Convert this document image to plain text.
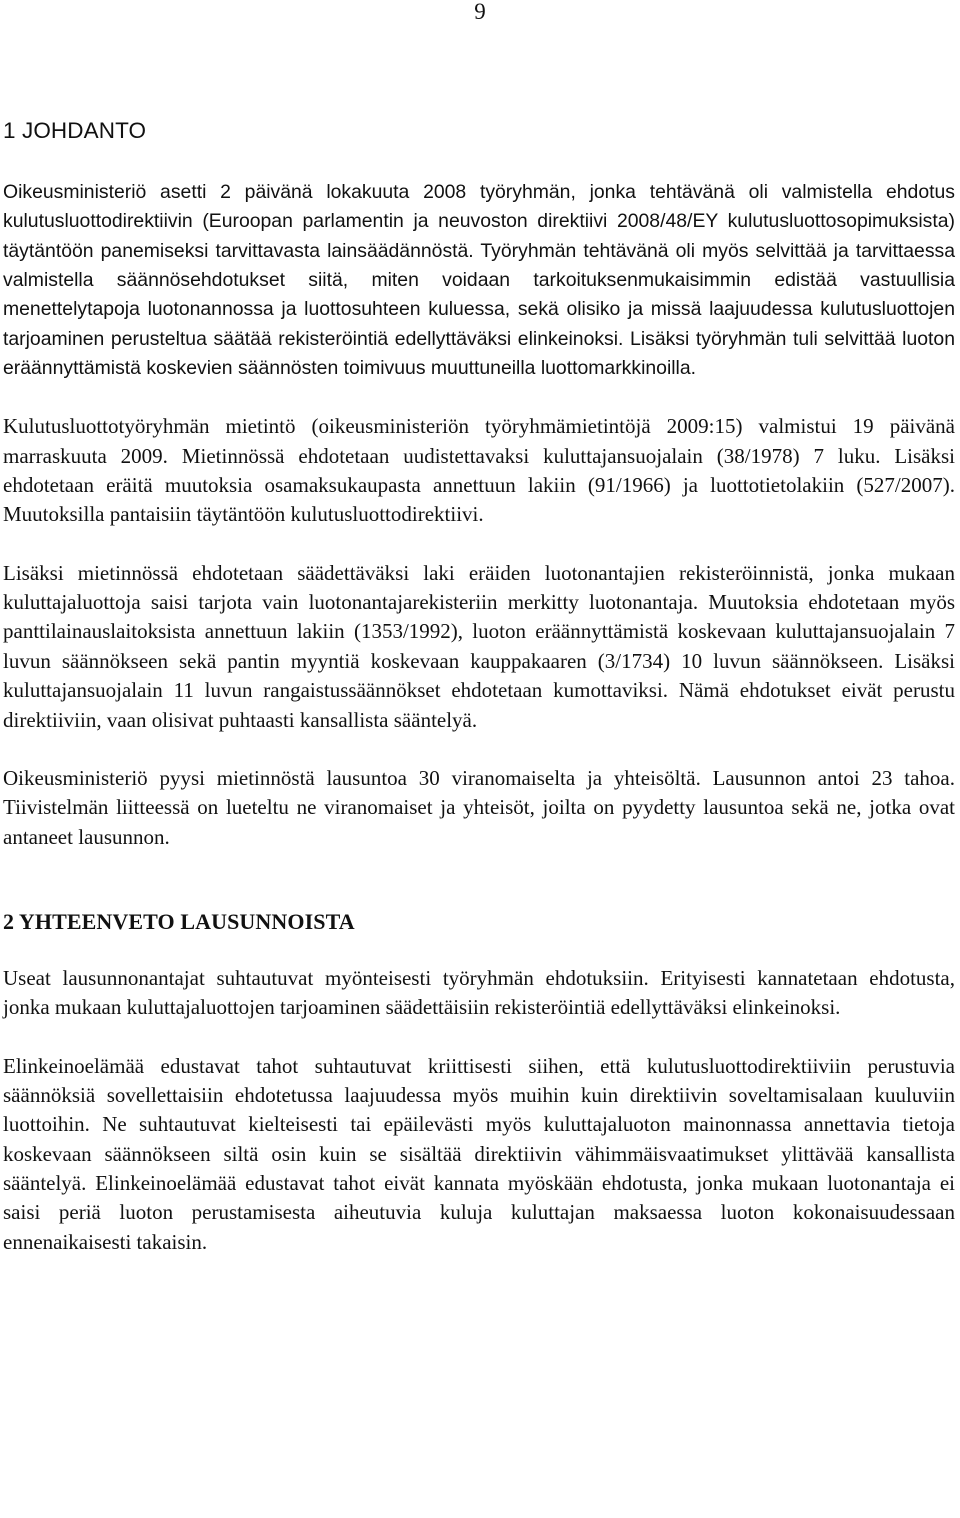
9
1 JOHDANTO

Oikeusministeriö asetti 2 päivänä lokakuuta 2008 työryhmän, jonka tehtävänä oli valmistella ehdotus kulutusluottodirektiivin (Euroopan parlamentin ja neuvoston direktiivi 2008/48/EY kulutusluottosopimuksista) täytäntöön panemiseksi tarvittavasta lainsäädännöstä. Työryhmän tehtävänä oli myös selvittää ja tarvittaessa valmistella säännösehdotukset siitä, miten voidaan tarkoituksenmukaisimmin edistää vastuullisia menettelytapoja luotonannossa ja luottosuhteen kuluessa, sekä olisiko ja missä laajuudessa kulutusluottojen tarjoaminen perusteltua säätää rekisteröintiä edellyttäväksi elinkeinoksi. Lisäksi työryhmän tuli selvittää luoton eräännyttämistä koskevien säännösten toimivuus muuttuneilla luottomarkkinoilla.

Kulutusluottotyöryhmän mietintö (oikeusministeriön työryhmämietintöjä 2009:15) valmistui 19 päivänä marraskuuta 2009. Mietinnössä ehdotetaan uudistettavaksi kuluttajansuojalain (38/1978) 7 luku. Lisäksi ehdotetaan eräitä muutoksia osamaksukaupasta annettuun lakiin (91/1966) ja luottotietolakiin (527/2007). Muutoksilla pantaisiin täytäntöön kulutusluottodirektiivi.

Lisäksi mietinnössä ehdotetaan säädettäväksi laki eräiden luotonantajien rekisteröinnistä, jonka mukaan kuluttajaluottoja saisi tarjota vain luotonantajarekisteriin merkitty luotonantaja. Muutoksia ehdotetaan myös panttilainauslaitoksista annettuun lakiin (1353/1992), luoton eräännyttämistä koskevaan kuluttajansuojalain 7 luvun säännökseen sekä pantin myyntiä koskevaan kauppakaaren (3/1734) 10 luvun säännökseen. Lisäksi kuluttajansuojalain 11 luvun rangaistussäännökset ehdotetaan kumottaviksi. Nämä ehdotukset eivät perustu direktiiviin, vaan olisivat puhtaasti kansallista sääntelyä.

Oikeusministeriö pyysi mietinnöstä lausuntoa 30 viranomaiselta ja yhteisöltä. Lausunnon antoi 23 tahoa. Tiivistelmän liitteessä on lueteltu ne viranomaiset ja yhteisöt, joilta on pyydetty lausuntoa sekä ne, jotka ovat antaneet lausunnon.

2 YHTEENVETO LAUSUNNOISTA

Useat lausunnonantajat suhtautuvat myönteisesti työryhmän ehdotuksiin. Erityisesti kannatetaan ehdotusta, jonka mukaan kuluttajaluottojen tarjoaminen säädettäisiin rekisteröintiä edellyttäväksi elinkeinoksi.

Elinkeinoelämää edustavat tahot suhtautuvat kriittisesti siihen, että kulutusluottodirektiiviin perustuvia säännöksiä sovellettaisiin ehdotetussa laajuudessa myös muihin kuin direktiivin soveltamisalaan kuuluviin luottoihin. Ne suhtautuvat kielteisesti tai epäilevästi myös kuluttajaluoton mainonnassa annettavia tietoja koskevaan säännökseen siltä osin kuin se sisältää direktiivin vähimmäisvaatimukset ylittävää kansallista sääntelyä. Elinkeinoelämää edustavat tahot eivät kannata myöskään ehdotusta, jonka mukaan luotonantaja ei saisi periä luoton perustamisesta aiheutuvia kuluja kuluttajan maksaessa luoton kokonaisuudessaan ennenaikaisesti takaisin.
